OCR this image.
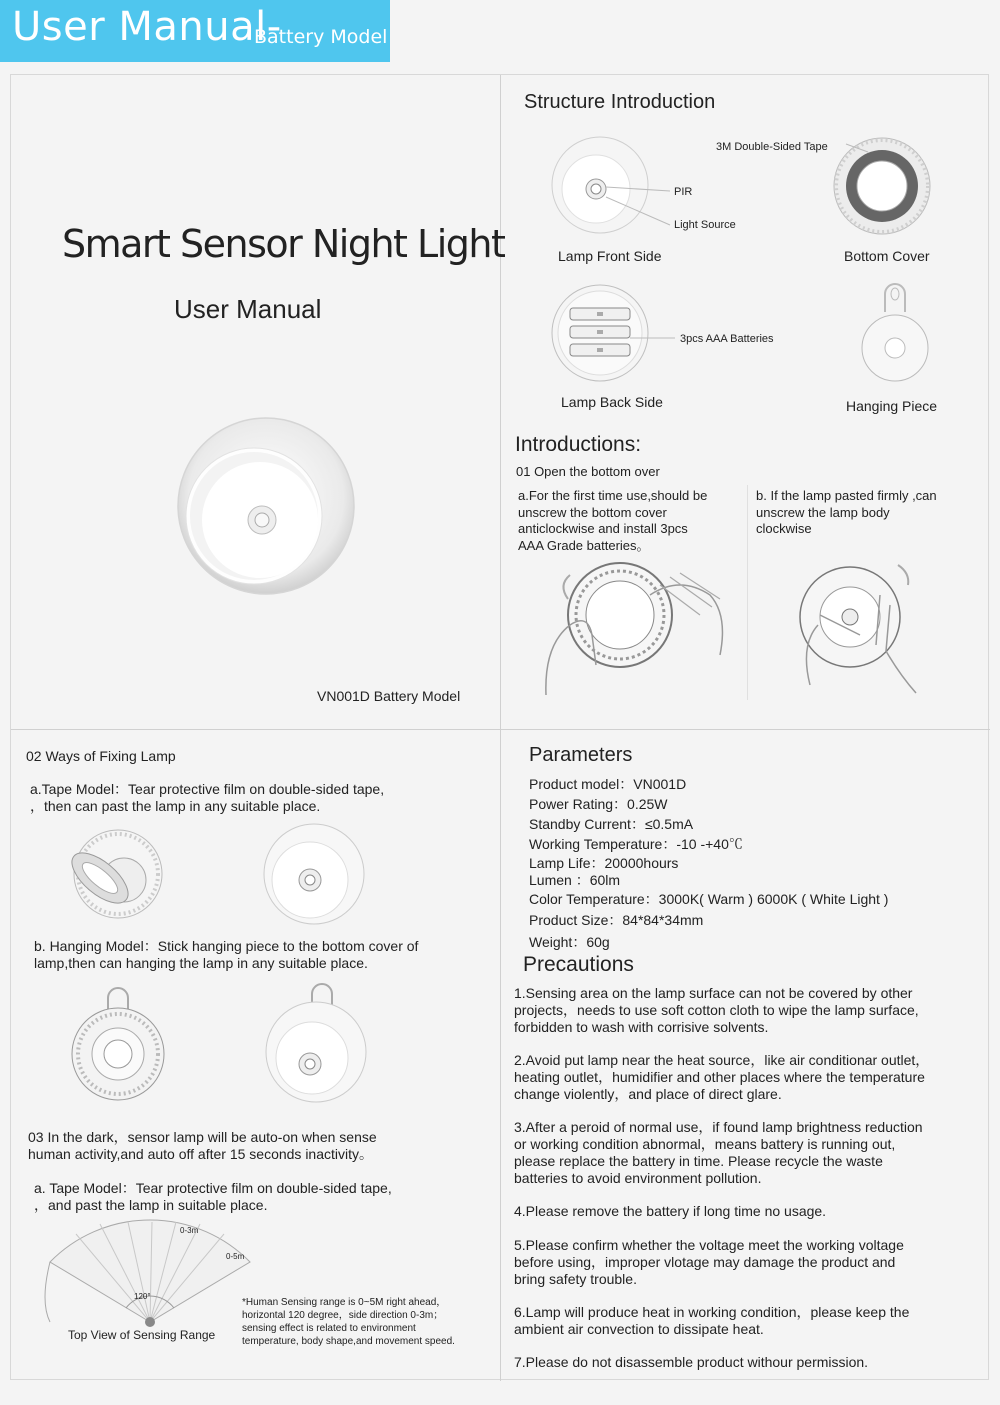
User Manual-
Battery Model
Smart Sensor Night Light
User Manual
VN001D Battery Model
Structure Introduction
3M Double-Sided Tape
PIR
Light Source
Lamp Front Side	Bottom Cover
3pcs AAA Batteries
Lamp Back Side	Hanging Piece
Introductions:
01 Open the bottom over
a.For the first time use,should be
unscrew the bottom cover
anticlockwise and install 3pcs
AAA Grade batteries。
b. If the lamp pasted firmly ,can
unscrew the lamp body
clockwise
02 Ways of Fixing Lamp
a.Tape Model：Tear protective film on double-sided tape,
，then can past the lamp in any suitable place.
b. Hanging Model：Stick hanging piece to the bottom cover of
lamp,then can hanging the lamp in any suitable place.
03 In the dark，sensor lamp will be auto-on when sense
human activity,and auto off after 15 seconds inactivity。
a. Tape Model：Tear protective film on double-sided tape,
，and past the lamp in suitable place.
0-3m
0-5m
120°
Top View of Sensing Range
*Human Sensing range is 0~5M right ahead，
horizontal 120 degree，side direction 0-3m；
sensing effect is related to environment
temperature, body shape,and movement speed.
Parameters
Product model：VN001D
Power Rating：0.25W
Standby Current：≤0.5mA
Working Temperature：-10 -+40℃
Lamp Life：20000hours
Lumen ：60lm
Color Temperature：3000K( Warm ) 6000K ( White Light )
Product Size：84*84*34mm
Weight：60g
Precautions
1.Sensing area on the lamp surface can not be covered by other
projects，needs to use soft cotton cloth to wipe the lamp surface,
forbidden to wash with corrisive solvents.
2.Avoid put lamp near the heat source，like air conditionar outlet，
heating outlet，humidifier and other places where the temperature
change violently，and place of direct glare.
3.After a peroid of normal use，if found lamp brightness reduction
or working condition abnormal，means battery is running out,
please replace the battery in time. Please recycle the waste
batteries to avoid environment pollution.
4.Please remove the battery if long time no usage.
5.Please confirm whether the voltage meet the working voltage
before using，improper vlotage may damage the product and
bring safety trouble.
6.Lamp will produce heat in working condition，please keep the
ambient air convection to dissipate heat.
7.Please do not disassemble product withour permission.
